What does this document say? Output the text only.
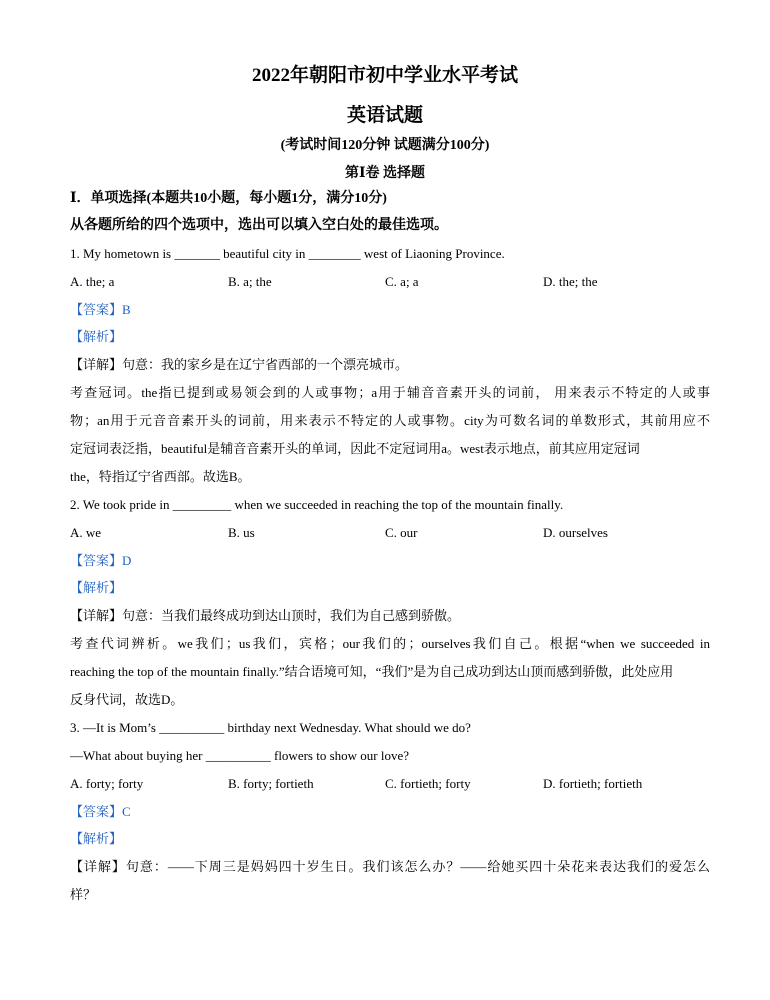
2022年朝阳市初中学业水平考试
英语试题
(考试时间120分钟 试题满分100分)
第Ⅰ卷 选择题
Ⅰ．单项选择(本题共10小题，每小题1分，满分10分)
从各题所给的四个选项中，选出可以填入空白处的最佳选项。
1. My hometown is _______ beautiful city in ________ west of Liaoning Province.
A. the; a	B. a; the	C. a; a	D. the; the
【答案】B
【解析】
【详解】句意：我的家乡是在辽宁省西部的一个漂亮城市。
考查冠词。the指已提到或易领会到的人或事物；a用于辅音音素开头的词前， 用来表示不特定的人或事
物；an用于元音音素开头的词前，用来表示不特定的人或事物。city为可数名词的单数形式，其前用应不
定冠词表泛指，beautiful是辅音音素开头的单词，因此不定冠词用a。west表示地点，前其应用定冠词
the，特指辽宁省西部。故选B。
2. We took pride in _________ when we succeeded in reaching the top of the mountain finally.
A. we	B. us	C. our	D. ourselves
【答案】D
【解析】
【详解】句意：当我们最终成功到达山顶时，我们为自己感到骄傲。
考查代词辨析。we我们；us我们，宾格；our我们的；ourselves我们自己。根据“when we succeeded in
reaching the top of the mountain finally.”结合语境可知，“我们”是为自己成功到达山顶而感到骄傲，此处应用
反身代词，故选D。
3. —It is Mom’s __________ birthday next Wednesday. What should we do?
—What about buying her __________ flowers to show our love?
A. forty; forty	B. forty; fortieth	C. fortieth; forty	D. fortieth; fortieth
【答案】C
【解析】
【详解】句意：——下周三是妈妈四十岁生日。我们该怎么办？——给她买四十朵花来表达我们的爱怎么
样？
